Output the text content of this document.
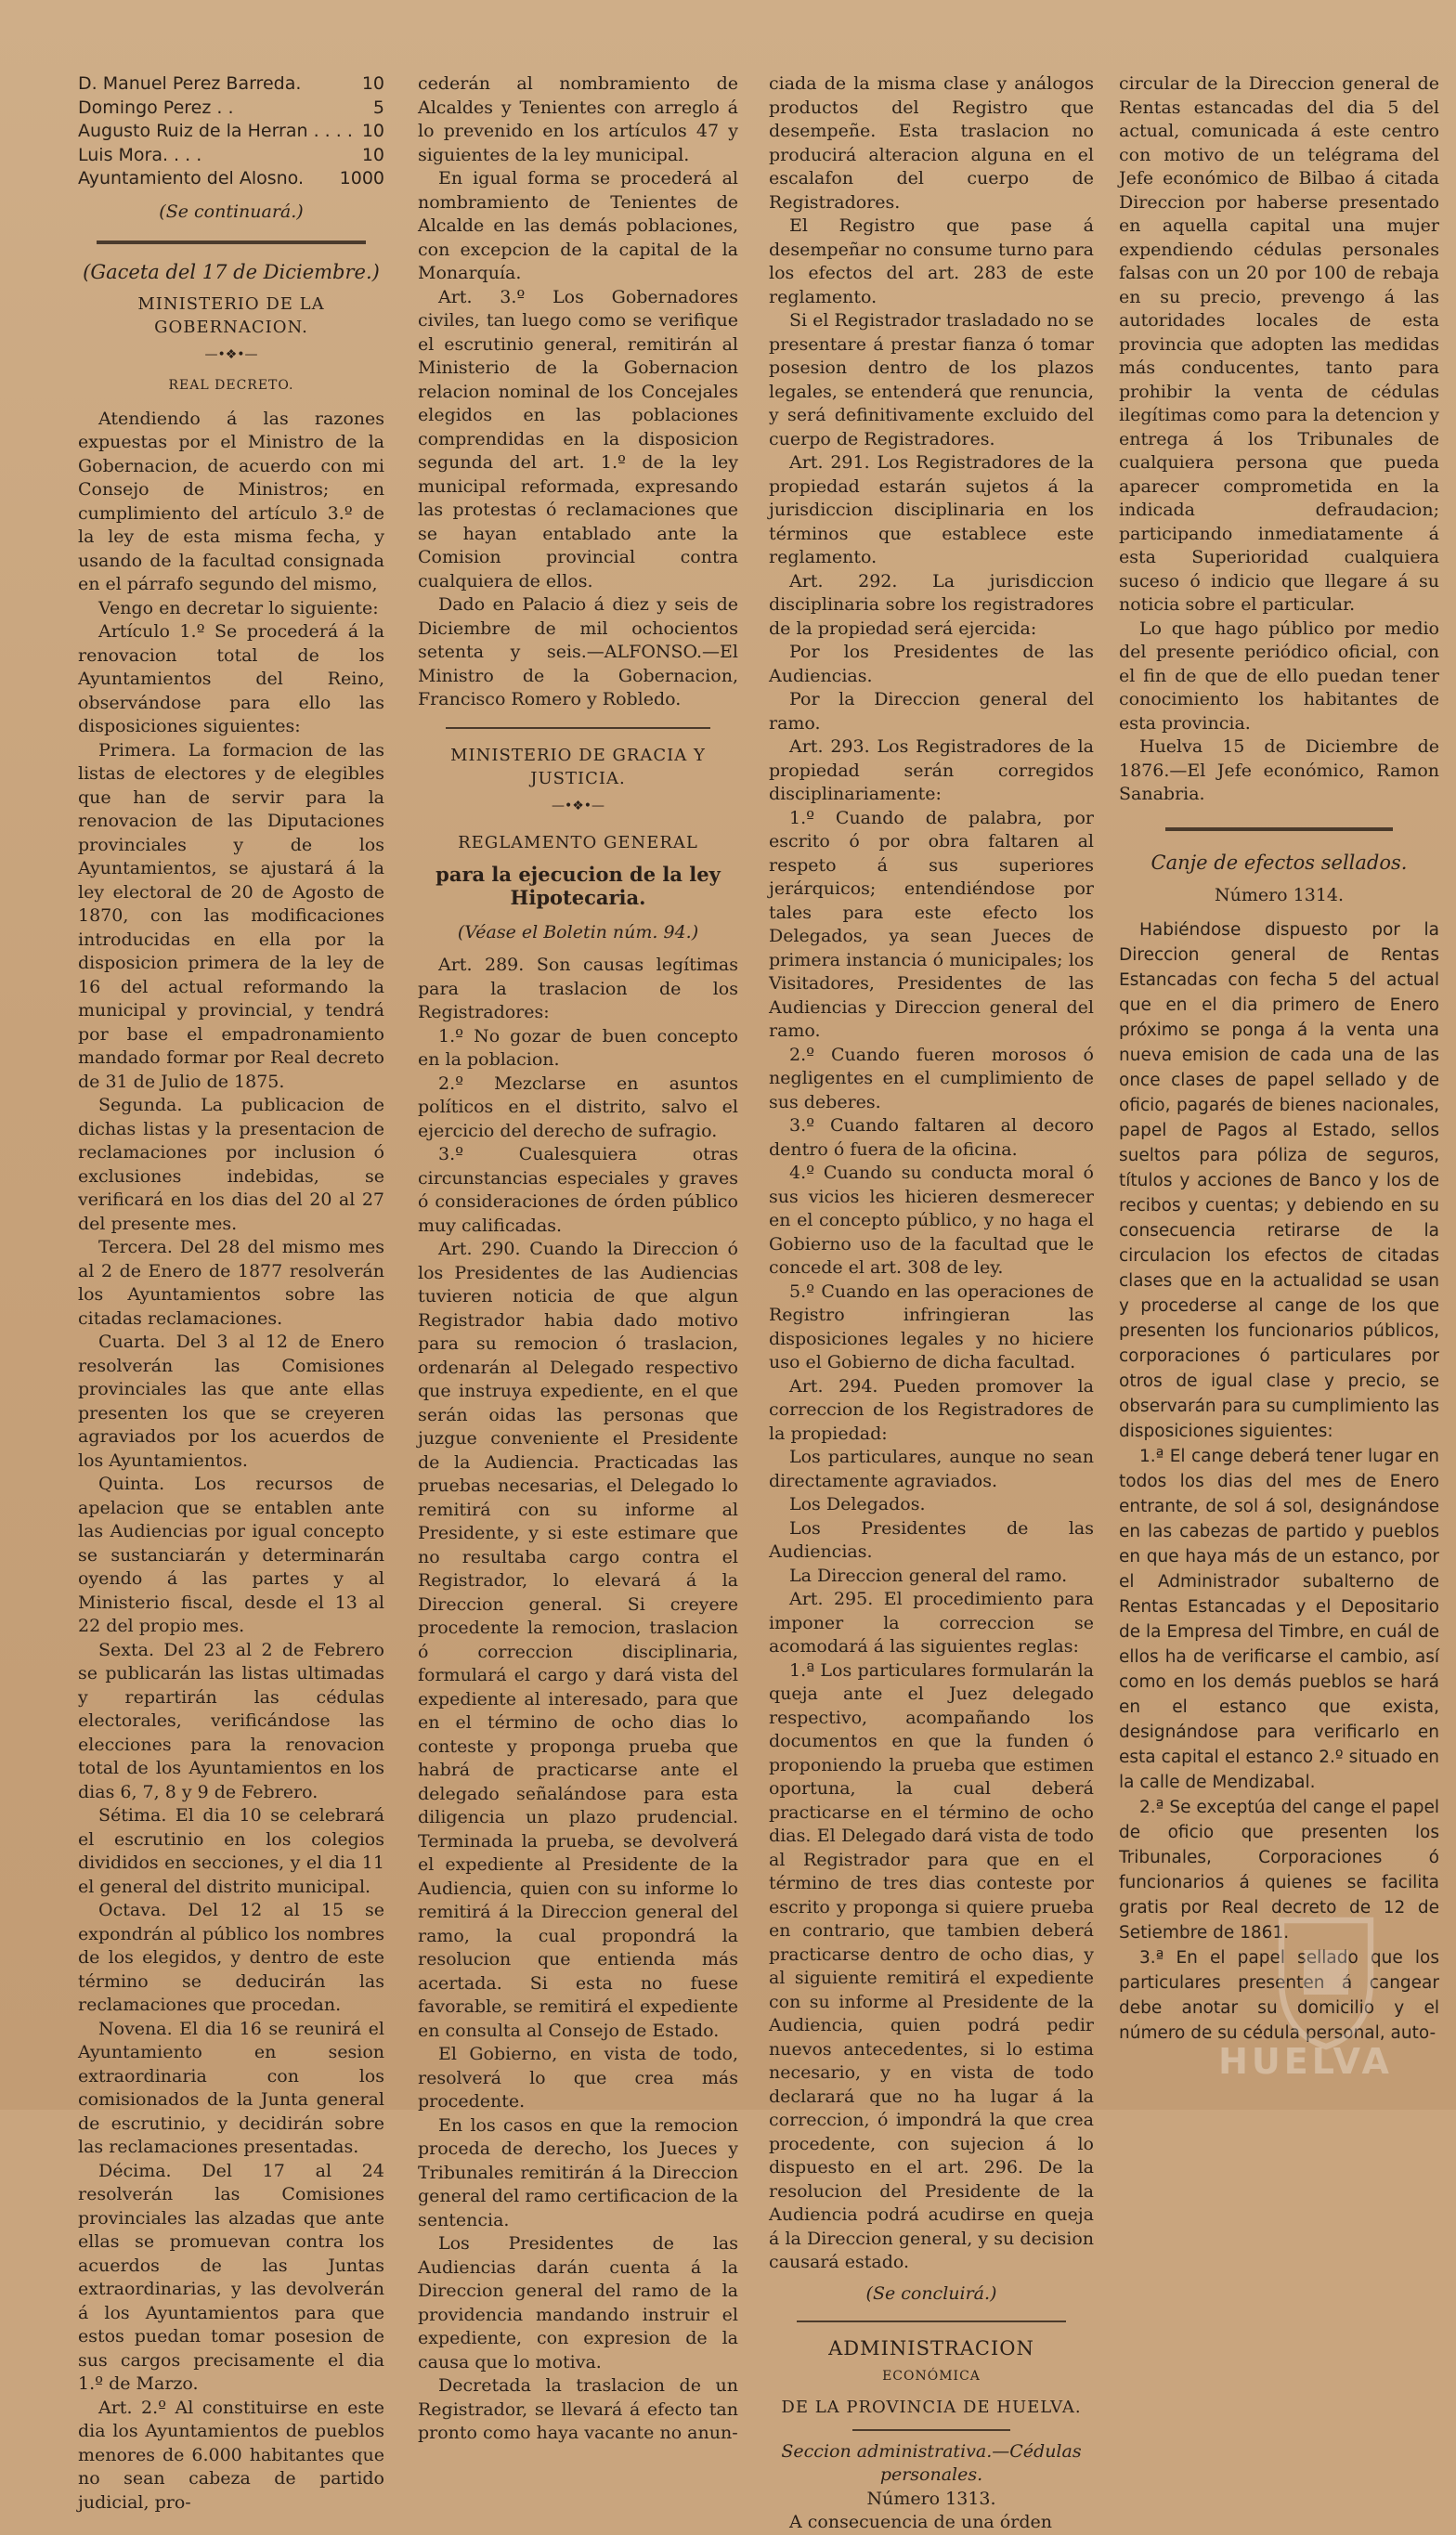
D. Manuel Perez Barreda.	10
Domingo Perez . .	5
Augusto Ruiz de la Herran . . . . 10
Luis Mora. . . .	10
Ayuntamiento del Alosno. 1000

(Se continuará.)

(Gaceta del 17 de Diciembre.)

MINISTERIO DE LA GOBERNACION.
—•❖•—
REAL DECRETO.

Atendiendo á las razones expuestas por el Ministro de la Gobernacion, de acuerdo con mi Consejo de Ministros; en cumplimiento del artículo 3.º de la ley de esta misma fecha, y usando de la facultad consignada en el párrafo segundo del mismo,

Vengo en decretar lo siguiente:

Artículo 1.º Se procederá á la renovacion total de los Ayuntamientos del Reino, observándose para ello las disposiciones siguientes:

Primera. La formacion de las listas de electores y de elegibles que han de servir para la renovacion de las Diputaciones provinciales y de los Ayuntamientos, se ajustará á la ley electoral de 20 de Agosto de 1870, con las modificaciones introducidas en ella por la disposicion primera de la ley de 16 del actual reformando la municipal y provincial, y tendrá por base el empadronamiento mandado formar por Real decreto de 31 de Julio de 1875.

Segunda. La publicacion de dichas listas y la presentacion de reclamaciones por inclusion ó exclusiones indebidas, se verificará en los dias del 20 al 27 del presente mes.

Tercera. Del 28 del mismo mes al 2 de Enero de 1877 resolverán los Ayuntamientos sobre las citadas reclamaciones.

Cuarta. Del 3 al 12 de Enero resolverán las Comisiones provinciales las que ante ellas presenten los que se creyeren agraviados por los acuerdos de los Ayuntamientos.

Quinta. Los recursos de apelacion que se entablen ante las Audiencias por igual concepto se sustanciarán y determinarán oyendo á las partes y al Ministerio fiscal, desde el 13 al 22 del propio mes.

Sexta. Del 23 al 2 de Febrero se publicarán las listas ultimadas y repartirán las cédulas electorales, verificándose las elecciones para la renovacion total de los Ayuntamientos en los dias 6, 7, 8 y 9 de Febrero.

Sétima. El dia 10 se celebrará el escrutinio en los colegios divididos en secciones, y el dia 11 el general del distrito municipal.

Octava. Del 12 al 15 se expondrán al público los nombres de los elegidos, y dentro de este término se deducirán las reclamaciones que procedan.

Novena. El dia 16 se reunirá el Ayuntamiento en sesion extraordinaria con los comisionados de la Junta general de escrutinio, y decidirán sobre las reclamaciones presentadas.

Décima. Del 17 al 24 resolverán las Comisiones provinciales las alzadas que ante ellas se promuevan contra los acuerdos de las Juntas extraordinarias, y las devolverán á los Ayuntamientos para que estos puedan tomar posesion de sus cargos precisamente el dia 1.º de Marzo.

Art. 2.º Al constituirse en este dia los Ayuntamientos de pueblos menores de 6.000 habitantes que no sean cabeza de partido judicial, pro-

cederán al nombramiento de Alcaldes y Tenientes con arreglo á lo prevenido en los artículos 47 y siguientes de la ley municipal.

En igual forma se procederá al nombramiento de Tenientes de Alcalde en las demás poblaciones, con excepcion de la capital de la Monarquía.

Art. 3.º Los Gobernadores civiles, tan luego como se verifique el escrutinio general, remitirán al Ministerio de la Gobernacion relacion nominal de los Concejales elegidos en las poblaciones comprendidas en la disposicion segunda del art. 1.º de la ley municipal reformada, expresando las protestas ó reclamaciones que se hayan entablado ante la Comision provincial contra cualquiera de ellos.

Dado en Palacio á diez y seis de Diciembre de mil ochocientos setenta y seis.—ALFONSO.—El Ministro de la Gobernacion, Francisco Romero y Robledo.

MINISTERIO DE GRACIA Y JUSTICIA.
—•❖•—
REGLAMENTO GENERAL
para la ejecucion de la ley Hipotecaria.

(Véase el Boletin núm. 94.)

Art. 289. Son causas legítimas para la traslacion de los Registradores:

1.º No gozar de buen concepto en la poblacion.

2.º Mezclarse en asuntos políticos en el distrito, salvo el ejercicio del derecho de sufragio.

3.º Cualesquiera otras circunstancias especiales y graves ó consideraciones de órden público muy calificadas.

Art. 290. Cuando la Direccion ó los Presidentes de las Audiencias tuvieren noticia de que algun Registrador habia dado motivo para su remocion ó traslacion, ordenarán al Delegado respectivo que instruya expediente, en el que serán oidas las personas que juzgue conveniente el Presidente de la Audiencia. Practicadas las pruebas necesarias, el Delegado lo remitirá con su informe al Presidente, y si este estimare que no resultaba cargo contra el Registrador, lo elevará á la Direccion general. Si creyere procedente la remocion, traslacion ó correccion disciplinaria, formulará el cargo y dará vista del expediente al interesado, para que en el término de ocho dias lo conteste y proponga prueba que habrá de practicarse ante el delegado señalándose para esta diligencia un plazo prudencial. Terminada la prueba, se devolverá el expediente al Presidente de la Audiencia, quien con su informe lo remitirá á la Direccion general del ramo, la cual propondrá la resolucion que entienda más acertada. Si esta no fuese favorable, se remitirá el expediente en consulta al Consejo de Estado.

El Gobierno, en vista de todo, resolverá lo que crea más procedente.

En los casos en que la remocion proceda de derecho, los Jueces y Tribunales remitirán á la Direccion general del ramo certificacion de la sentencia.

Los Presidentes de las Audiencias darán cuenta á la Direccion general del ramo de la providencia mandando instruir el expediente, con expresion de la causa que lo motiva.

Decretada la traslacion de un Registrador, se llevará á efecto tan pronto como haya vacante no anun-

ciada de la misma clase y análogos productos del Registro que desempeñe. Esta traslacion no producirá alteracion alguna en el escalafon del cuerpo de Registradores.

El Registro que pase á desempeñar no consume turno para los efectos del art. 283 de este reglamento.

Si el Registrador trasladado no se presentare á prestar fianza ó tomar posesion dentro de los plazos legales, se entenderá que renuncia, y será definitivamente excluido del cuerpo de Registradores.

Art. 291. Los Registradores de la propiedad estarán sujetos á la jurisdiccion disciplinaria en los términos que establece este reglamento.

Art. 292. La jurisdiccion disciplinaria sobre los registradores de la propiedad será ejercida:

Por los Presidentes de las Audiencias.

Por la Direccion general del ramo.

Art. 293. Los Registradores de la propiedad serán corregidos disciplinariamente:

1.º Cuando de palabra, por escrito ó por obra faltaren al respeto á sus superiores jerárquicos; entendiéndose por tales para este efecto los Delegados, ya sean Jueces de primera instancia ó municipales; los Visitadores, Presidentes de las Audiencias y Direccion general del ramo.

2.º Cuando fueren morosos ó negligentes en el cumplimiento de sus deberes.

3.º Cuando faltaren al decoro dentro ó fuera de la oficina.

4.º Cuando su conducta moral ó sus vicios les hicieren desmerecer en el concepto público, y no haga el Gobierno uso de la facultad que le concede el art. 308 de ley.

5.º Cuando en las operaciones de Registro infringieran las disposiciones legales y no hiciere uso el Gobierno de dicha facultad.

Art. 294. Pueden promover la correccion de los Registradores de la propiedad:

Los particulares, aunque no sean directamente agraviados.

Los Delegados.

Los Presidentes de las Audiencias.

La Direccion general del ramo.

Art. 295. El procedimiento para imponer la correccion se acomodará á las siguientes reglas:

1.ª Los particulares formularán la queja ante el Juez delegado respectivo, acompañando los documentos en que la funden ó proponiendo la prueba que estimen oportuna, la cual deberá practicarse en el término de ocho dias. El Delegado dará vista de todo al Registrador para que en el término de tres dias conteste por escrito y proponga si quiere prueba en contrario, que tambien deberá practicarse dentro de ocho dias, y al siguiente remitirá el expediente con su informe al Presidente de la Audiencia, quien podrá pedir nuevos antecedentes, si lo estima necesario, y en vista de todo declarará que no ha lugar á la correccion, ó impondrá la que crea procedente, con sujecion á lo dispuesto en el art. 296. De la resolucion del Presidente de la Audiencia podrá acudirse en queja á la Direccion general, y su decision causará estado.

(Se concluirá.)

ADMINISTRACION
ECONÓMICA
DE LA PROVINCIA DE HUELVA.

Seccion administrativa.—Cédulas personales.

Número 1313.

A consecuencia de una órden

circular de la Direccion general de Rentas estancadas del dia 5 del actual, comunicada á este centro con motivo de un telégrama del Jefe económico de Bilbao á citada Direccion por haberse presentado en aquella capital una mujer expendiendo cédulas personales falsas con un 20 por 100 de rebaja en su precio, prevengo á las autoridades locales de esta provincia que adopten las medidas más conducentes, tanto para prohibir la venta de cédulas ilegítimas como para la detencion y entrega á los Tribunales de cualquiera persona que pueda aparecer comprometida en la indicada defraudacion; participando inmediatamente á esta Superioridad cualquiera suceso ó indicio que llegare á su noticia sobre el particular.

Lo que hago público por medio del presente periódico oficial, con el fin de que de ello puedan tener conocimiento los habitantes de esta provincia.

Huelva 15 de Diciembre de 1876.—El Jefe económico, Ramon Sanabria.

Canje de efectos sellados.

Número 1314.

Habiéndose dispuesto por la Direccion general de Rentas Estancadas con fecha 5 del actual que en el dia primero de Enero próximo se ponga á la venta una nueva emision de cada una de las once clases de papel sellado y de oficio, pagarés de bienes nacionales, papel de Pagos al Estado, sellos sueltos para póliza de seguros, títulos y acciones de Banco y los de recibos y cuentas; y debiendo en su consecuencia retirarse de la circulacion los efectos de citadas clases que en la actualidad se usan y procederse al cange de los que presenten los funcionarios públicos, corporaciones ó particulares por otros de igual clase y precio, se observarán para su cumplimiento las disposiciones siguientes:

1.ª El cange deberá tener lugar en todos los dias del mes de Enero entrante, de sol á sol, designándose en las cabezas de partido y pueblos en que haya más de un estanco, por el Administrador subalterno de Rentas Estancadas y el Depositario de la Empresa del Timbre, en cuál de ellos ha de verificarse el cambio, así como en los demás pueblos se hará en el estanco que exista, designándose para verificarlo en esta capital el estanco 2.º situado en la calle de Mendizabal.

2.ª Se exceptúa del cange el papel de oficio que presenten los Tribunales, Corporaciones ó funcionarios á quienes se facilita gratis por Real decreto de 12 de Setiembre de 1861.

3.ª En el papel sellado que los particulares presenten á cangear debe anotar su domicilio y el número de su cédula personal, auto-

HUELVA
